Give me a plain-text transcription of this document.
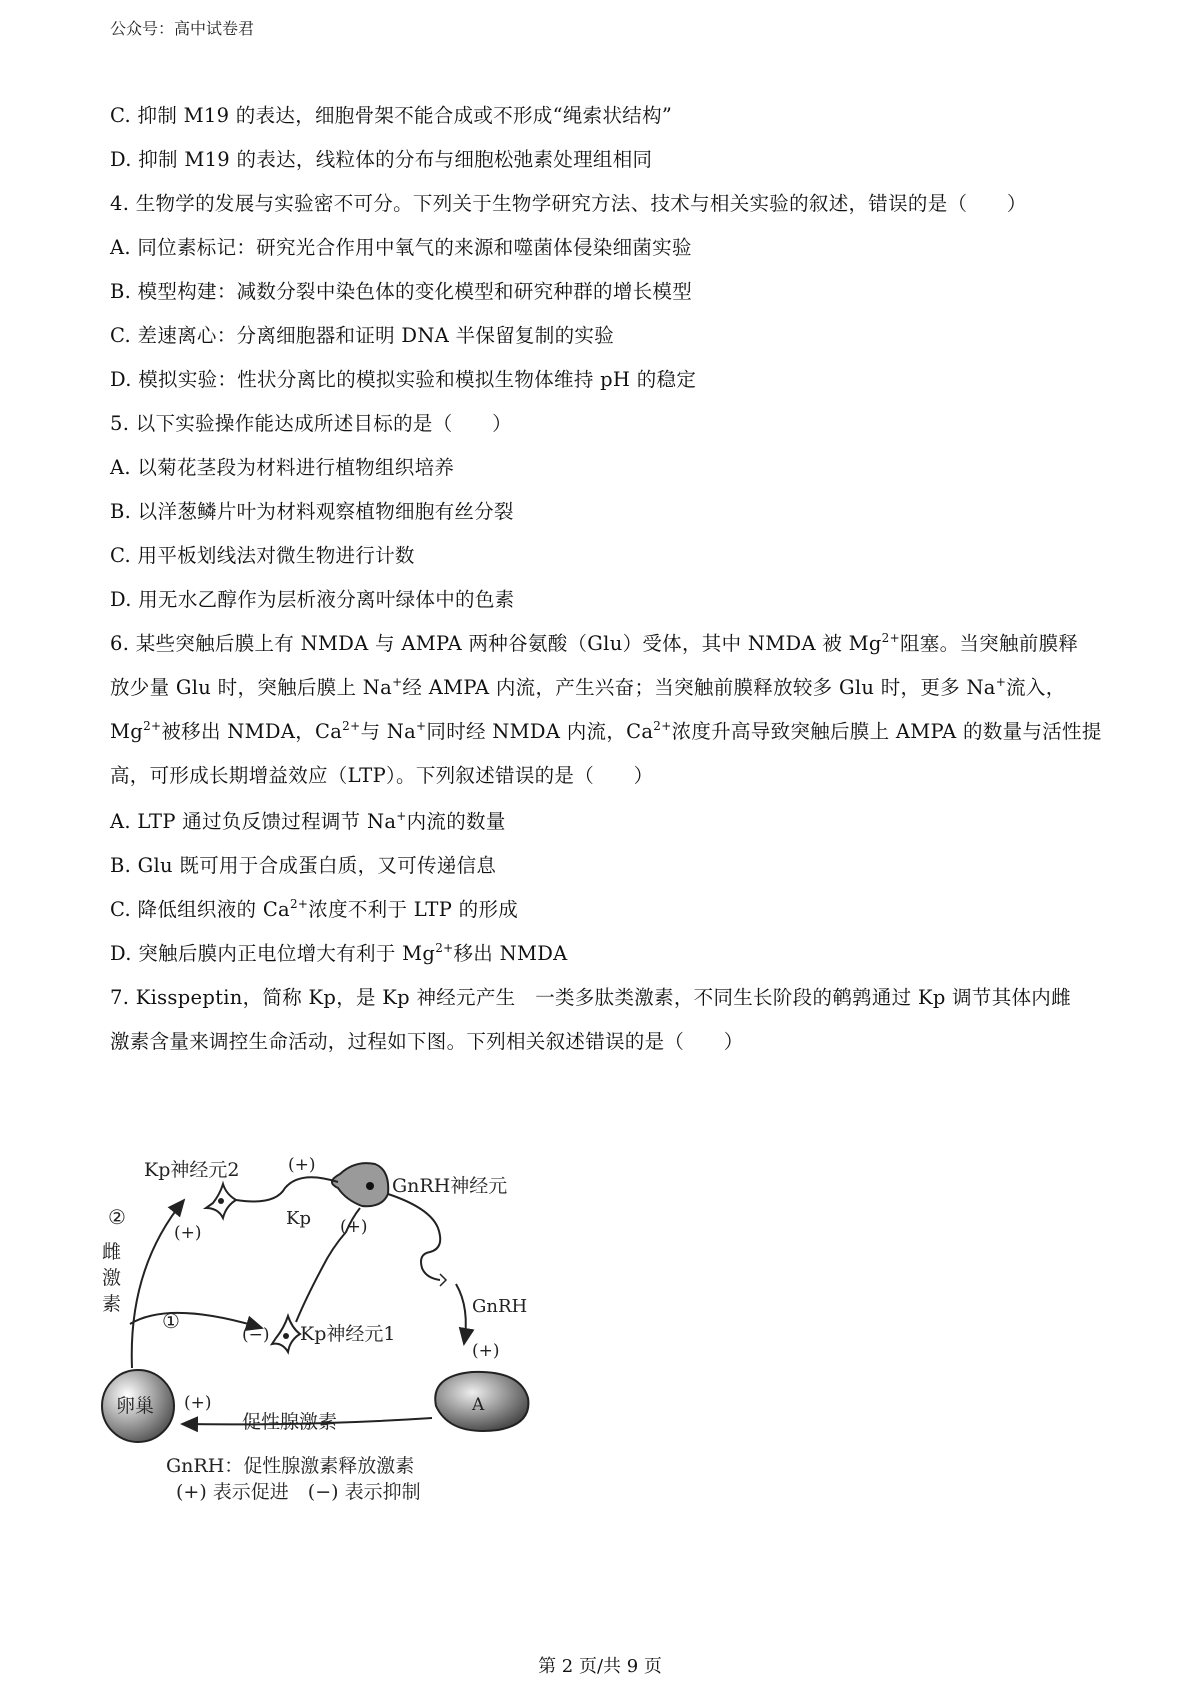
公众号：高中试卷君
C. 抑制 M19 的表达，细胞骨架不能合成或不形成“绳索状结构”
D. 抑制 M19 的表达，线粒体的分布与细胞松弛素处理组相同
4. 生物学的发展与实验密不可分。下列关于生物学研究方法、技术与相关实验的叙述，错误的是（　　）
A. 同位素标记：研究光合作用中氧气的来源和噬菌体侵染细菌实验
B. 模型构建：减数分裂中染色体的变化模型和研究种群的增长模型
C. 差速离心：分离细胞器和证明 DNA 半保留复制的实验
D. 模拟实验：性状分离比的模拟实验和模拟生物体维持 pH 的稳定
5. 以下实验操作能达成所述目标的是（　　）
A. 以菊花茎段为材料进行植物组织培养
B. 以洋葱鳞片叶为材料观察植物细胞有丝分裂
C. 用平板划线法对微生物进行计数
D. 用无水乙醇作为层析液分离叶绿体中的色素
6. 某些突触后膜上有 NMDA 与 AMPA 两种谷氨酸（Glu）受体，其中 NMDA 被 $Mg^{2+}$阻塞。当突触前膜释
放少量 Glu 时，突触后膜上 Na+经 AMPA 内流，产生兴奋；当突触前膜释放较多 Glu 时，更多 Na+流入，
$Mg^{2+}$被移出 NMDA，$Ca^{2+}$与 Na+同时经 NMDA 内流，$Ca^{2+}$浓度升高导致突触后膜上 AMPA 的数量与活性提
高，可形成长期增益效应（LTP）。下列叙述错误的是（　　）
A. LTP 通过负反馈过程调节 Na+内流的数量
B. Glu 既可用于合成蛋白质，又可传递信息
C. 降低组织液的 $Ca^{2+}$浓度不利于 LTP 的形成
D. 突触后膜内正电位增大有利于 $Mg^{2+}$移出 NMDA
7. Kisspeptin，简称 Kp，是 Kp 神经元产生　一类多肽类激素，不同生长阶段的鹌鹑通过 Kp 调节其体内雌
激素含量来调控生命活动，过程如下图。下列相关叙述错误的是（　　）
Kp神经元2
(+)
GnRH神经元
(+)
Kp (+)
GnRH
(+)
(−) Kp神经元1
雌
激
素
②
①
卵巢 (+)	A
促性腺激素
GnRH：促性腺激素释放激素
(+) 表示促进　(−) 表示抑制
第 2 页/共 9 页
